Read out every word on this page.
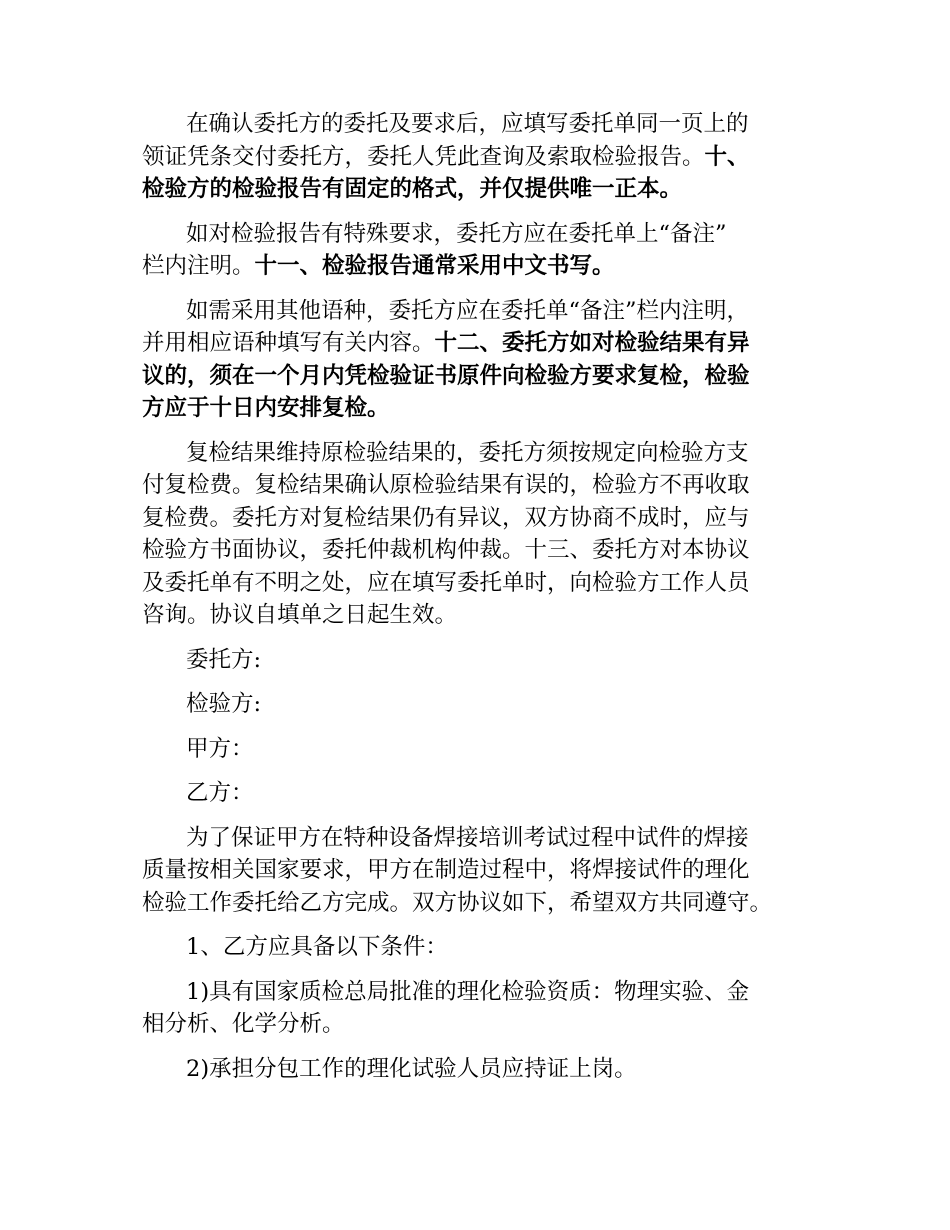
在确认委托方的委托及要求后，应填写委托单同一页上的
领证凭条交付委托方，委托人凭此查询及索取检验报告。十、
检验方的检验报告有固定的格式，并仅提供唯一正本。
如对检验报告有特殊要求，委托方应在委托单上“备注”
栏内注明。十一、检验报告通常采用中文书写。
如需采用其他语种，委托方应在委托单“备注”栏内注明，
并用相应语种填写有关内容。十二、委托方如对检验结果有异
议的，须在一个月内凭检验证书原件向检验方要求复检，检验
方应于十日内安排复检。
复检结果维持原检验结果的，委托方须按规定向检验方支
付复检费。复检结果确认原检验结果有误的，检验方不再收取
复检费。委托方对复检结果仍有异议，双方协商不成时，应与
检验方书面协议，委托仲裁机构仲裁。十三、委托方对本协议
及委托单有不明之处，应在填写委托单时，向检验方工作人员
咨询。协议自填单之日起生效。
委托方:
检验方:
甲方：
乙方：
为了保证甲方在特种设备焊接培训考试过程中试件的焊接
质量按相关国家要求，甲方在制造过程中，将焊接试件的理化
检验工作委托给乙方完成。双方协议如下，希望双方共同遵守。
1、乙方应具备以下条件：
1)具有国家质检总局批准的理化检验资质：物理实验、金
相分析、化学分析。
2)承担分包工作的理化试验人员应持证上岗。
